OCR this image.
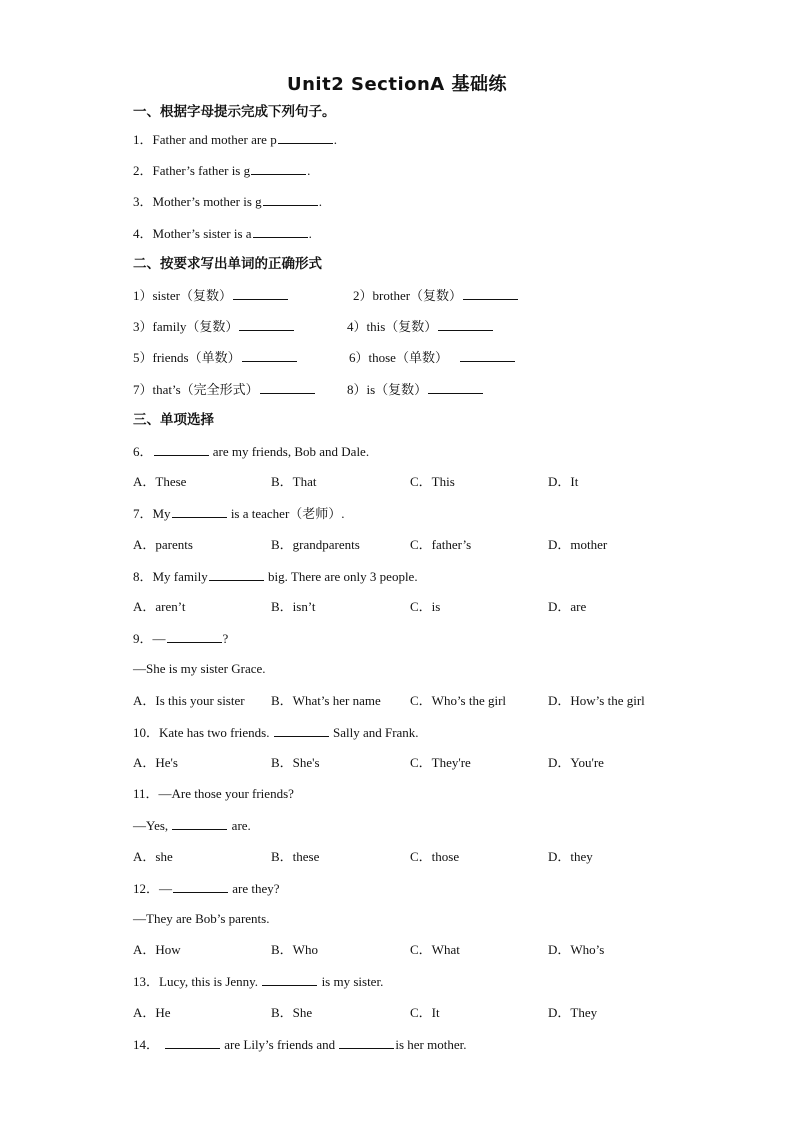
Unit2 SectionA 基础练
一、根据字母提示完成下列句子。
1．Father and mother are p	.
2．Father’s father is g	.
3．Mother’s mother is g	.
4．Mother’s sister is a	.
二、按要求写出单词的正确形式
1）sister（复数）	2）brother（复数）
3）family（复数）	4）this（复数）
5）friends（单数）	6）those（单数）
7）that’s（完全形式）	8）is（复数）
三、单项选择
6．	are my friends, Bob and Dale.
A．These	B．That	C．This	D．It
7．My	is a teacher（老师）.
A．parents	B．grandparents	C．father’s	D．mother
8．My family	big. There are only 3 people.
A．aren’t	B．isn’t	C．is	D．are
9．—	?
—She is my sister Grace.
A．Is this your sister B．What’s her name C．Who’s the girl	D．How’s the girl
10．Kate has two friends.	Sally and Frank.
A．He's	B．She's	C．They're	D．You're
11．—Are those your friends?
—Yes,	are.
A．she	B．these	C．those	D．they
12．—	are they?
—They are Bob’s parents.
A．How	B．Who	C．What	D．Who’s
13．Lucy, this is Jenny.	is my sister.
A．He	B．She	C．It	D．They
14．	are Lily’s friends and	is her mother.
